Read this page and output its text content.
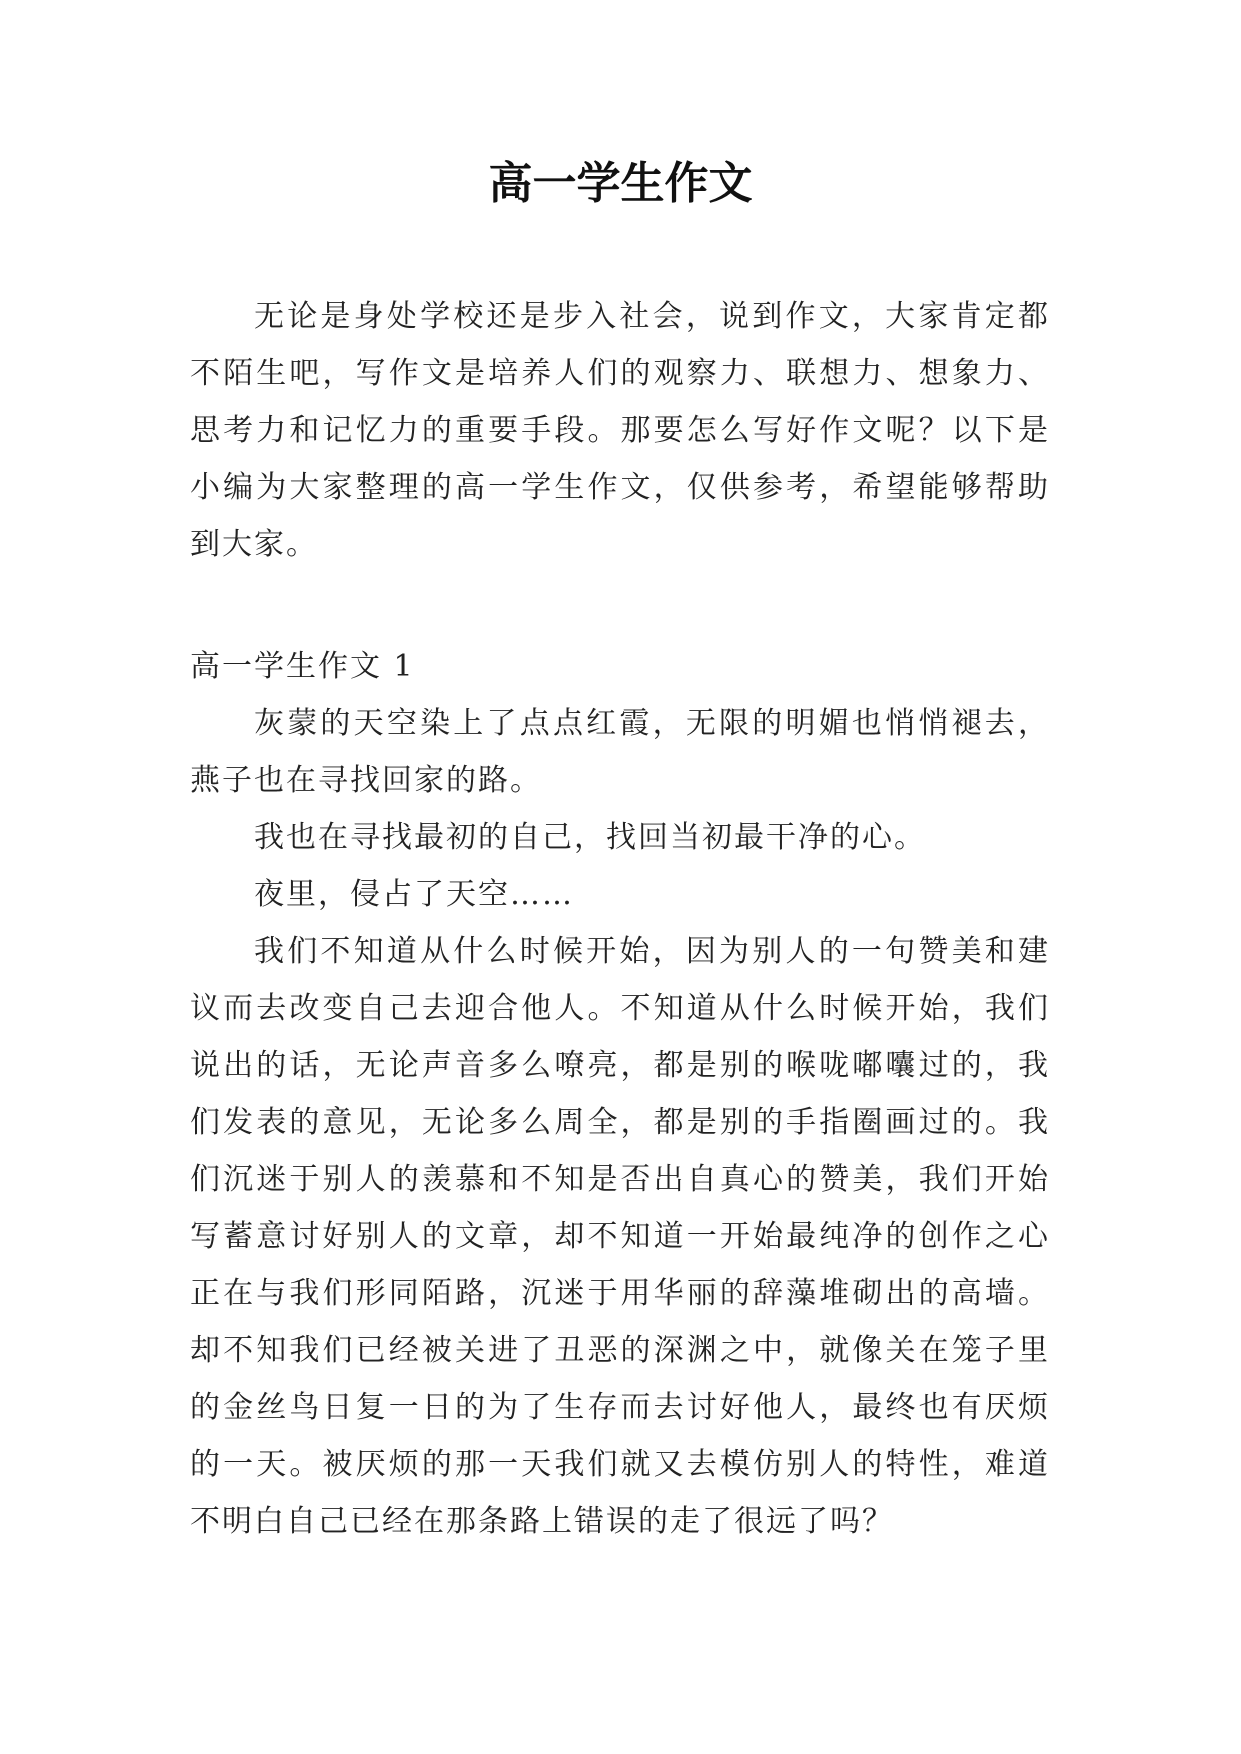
高一学生作文
无论是身处学校还是步入社会，说到作文，大家肯定都不陌生吧，写作文是培养人们的观察力、联想力、想象力、思考力和记忆力的重要手段。那要怎么写好作文呢？以下是小编为大家整理的高一学生作文，仅供参考，希望能够帮助到大家。
高一学生作文 1
灰蒙的天空染上了点点红霞，无限的明媚也悄悄褪去，燕子也在寻找回家的路。
我也在寻找最初的自己，找回当初最干净的心。
夜里，侵占了天空……
我们不知道从什么时候开始，因为别人的一句赞美和建议而去改变自己去迎合他人。不知道从什么时候开始，我们说出的话，无论声音多么嘹亮，都是别的喉咙嘟囔过的，我们发表的意见，无论多么周全，都是别的手指圈画过的。我们沉迷于别人的羡慕和不知是否出自真心的赞美，我们开始写蓄意讨好别人的文章，却不知道一开始最纯净的创作之心正在与我们形同陌路，沉迷于用华丽的辞藻堆砌出的高墙。却不知我们已经被关进了丑恶的深渊之中，就像关在笼子里的金丝鸟日复一日的为了生存而去讨好他人，最终也有厌烦的一天。被厌烦的那一天我们就又去模仿别人的特性，难道不明白自己已经在那条路上错误的走了很远了吗？
